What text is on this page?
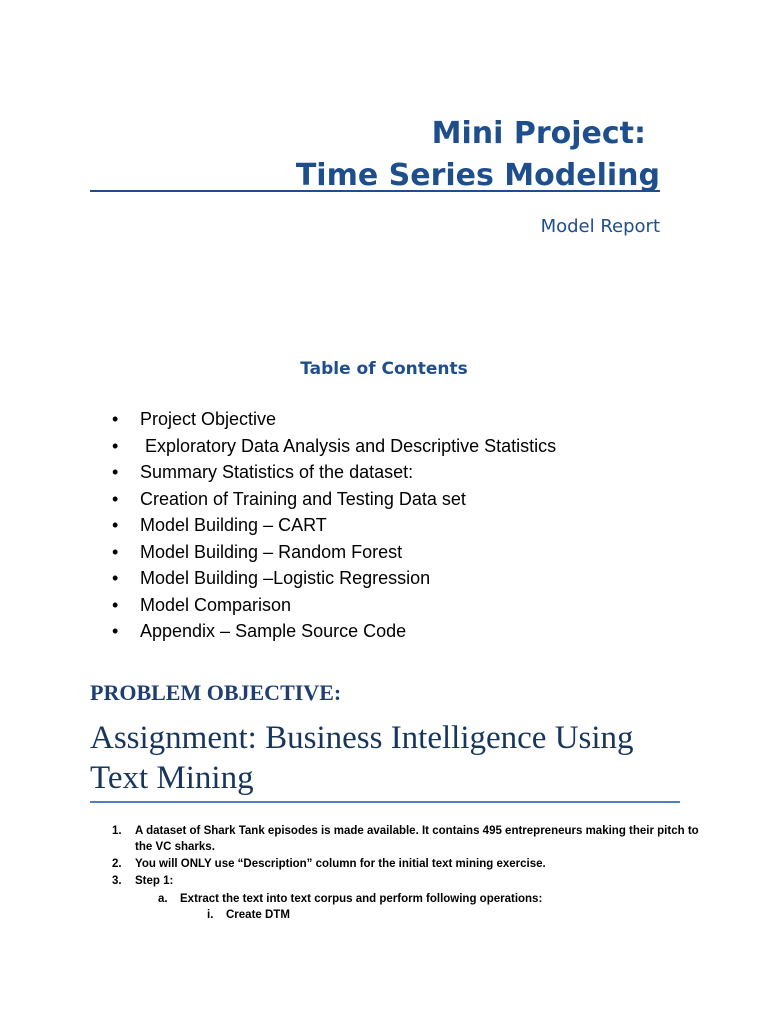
Mini Project:
Time Series Modeling
Model Report
Table of Contents
• Project Objective
• Exploratory Data Analysis and Descriptive Statistics
• Summary Statistics of the dataset:
• Creation of Training and Testing Data set
• Model Building – CART
• Model Building – Random Forest
• Model Building –Logistic Regression
• Model Comparison
• Appendix – Sample Source Code
PROBLEM OBJECTIVE:
Assignment: Business Intelligence Using Text Mining
1. A dataset of Shark Tank episodes is made available. It contains 495 entrepreneurs making their pitch to the VC sharks.
2. You will ONLY use “Description” column for the initial text mining exercise.
3. Step 1:
a. Extract the text into text corpus and perform following operations:
i. Create DTM
